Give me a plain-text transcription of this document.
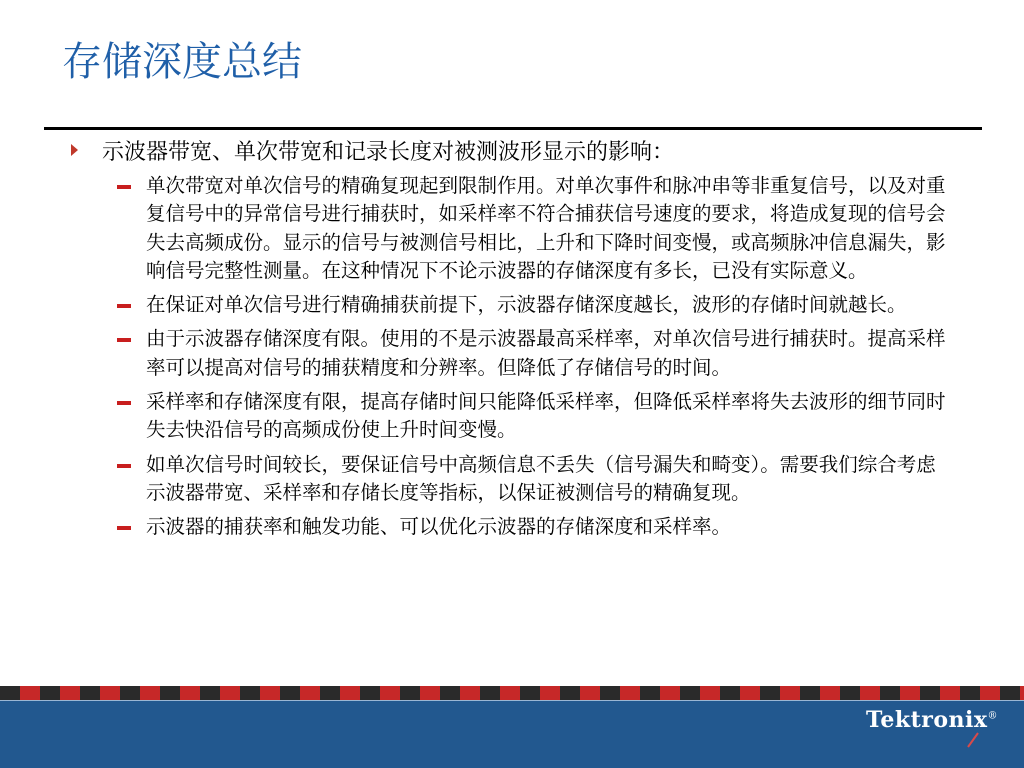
存储深度总结
示波器带宽、单次带宽和记录长度对被测波形显示的影响：
单次带宽对单次信号的精确复现起到限制作用。对单次事件和脉冲串等非重复信号，以及对重复信号中的异常信号进行捕获时，如采样率不符合捕获信号速度的要求，将造成复现的信号会失去高频成份。显示的信号与被测信号相比，上升和下降时间变慢，或高频脉冲信息漏失，影响信号完整性测量。在这种情况下不论示波器的存储深度有多长，已没有实际意义。
在保证对单次信号进行精确捕获前提下，示波器存储深度越长，波形的存储时间就越长。
由于示波器存储深度有限。使用的不是示波器最高采样率，对单次信号进行捕获时。提高采样率可以提高对信号的捕获精度和分辨率。但降低了存储信号的时间。
采样率和存储深度有限，提高存储时间只能降低采样率，但降低采样率将失去波形的细节同时失去快沿信号的高频成份使上升时间变慢。
如单次信号时间较长，要保证信号中高频信息不丢失（信号漏失和畸变）。需要我们综合考虑示波器带宽、采样率和存储长度等指标，以保证被测信号的精确复现。
示波器的捕获率和触发功能、可以优化示波器的存储深度和采样率。
Tektronix®
